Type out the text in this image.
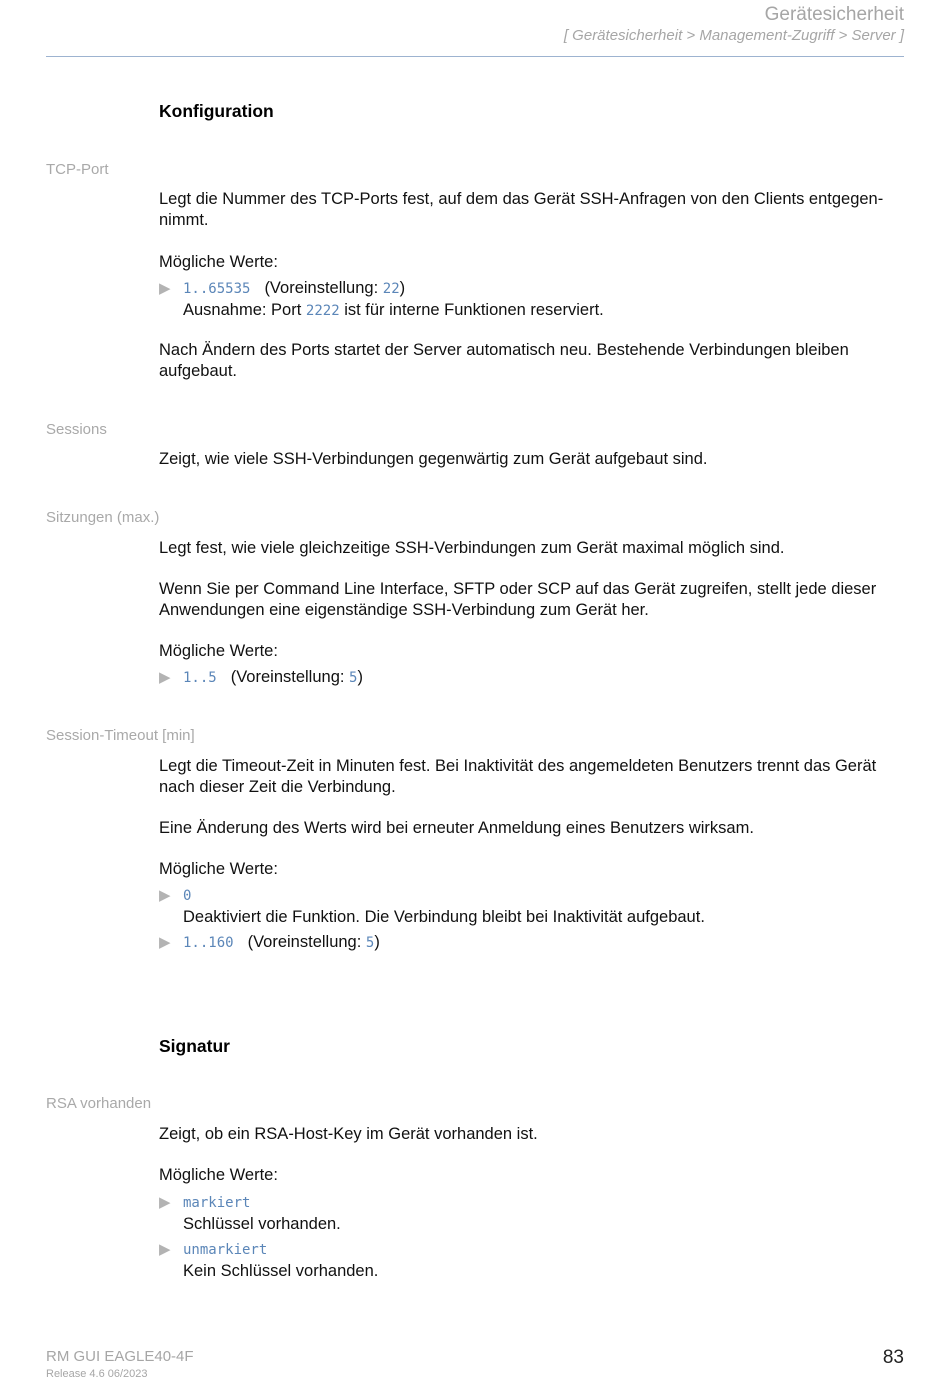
Gerätesicherheit
[ Gerätesicherheit > Management-Zugriff > Server ]
Konfiguration
TCP-Port
Legt die Nummer des TCP-Ports fest, auf dem das Gerät SSH-Anfragen von den Clients entgegen-nimmt.
Mögliche Werte:
▶ 1..65535 (Voreinstellung: 22)
Ausnahme: Port 2222 ist für interne Funktionen reserviert.
Nach Ändern des Ports startet der Server automatisch neu. Bestehende Verbindungen bleiben aufgebaut.
Sessions
Zeigt, wie viele SSH-Verbindungen gegenwärtig zum Gerät aufgebaut sind.
Sitzungen (max.)
Legt fest, wie viele gleichzeitige SSH-Verbindungen zum Gerät maximal möglich sind.
Wenn Sie per Command Line Interface, SFTP oder SCP auf das Gerät zugreifen, stellt jede dieser Anwendungen eine eigenständige SSH-Verbindung zum Gerät her.
Mögliche Werte:
▶ 1..5 (Voreinstellung: 5)
Session-Timeout [min]
Legt die Timeout-Zeit in Minuten fest. Bei Inaktivität des angemeldeten Benutzers trennt das Gerät nach dieser Zeit die Verbindung.
Eine Änderung des Werts wird bei erneuter Anmeldung eines Benutzers wirksam.
Mögliche Werte:
▶ 0
Deaktiviert die Funktion. Die Verbindung bleibt bei Inaktivität aufgebaut.
▶ 1..160 (Voreinstellung: 5)
Signatur
RSA vorhanden
Zeigt, ob ein RSA-Host-Key im Gerät vorhanden ist.
Mögliche Werte:
▶ markiert
Schlüssel vorhanden.
▶ unmarkiert
Kein Schlüssel vorhanden.
RM GUI EAGLE40-4F
Release 4.6 06/2023
83
